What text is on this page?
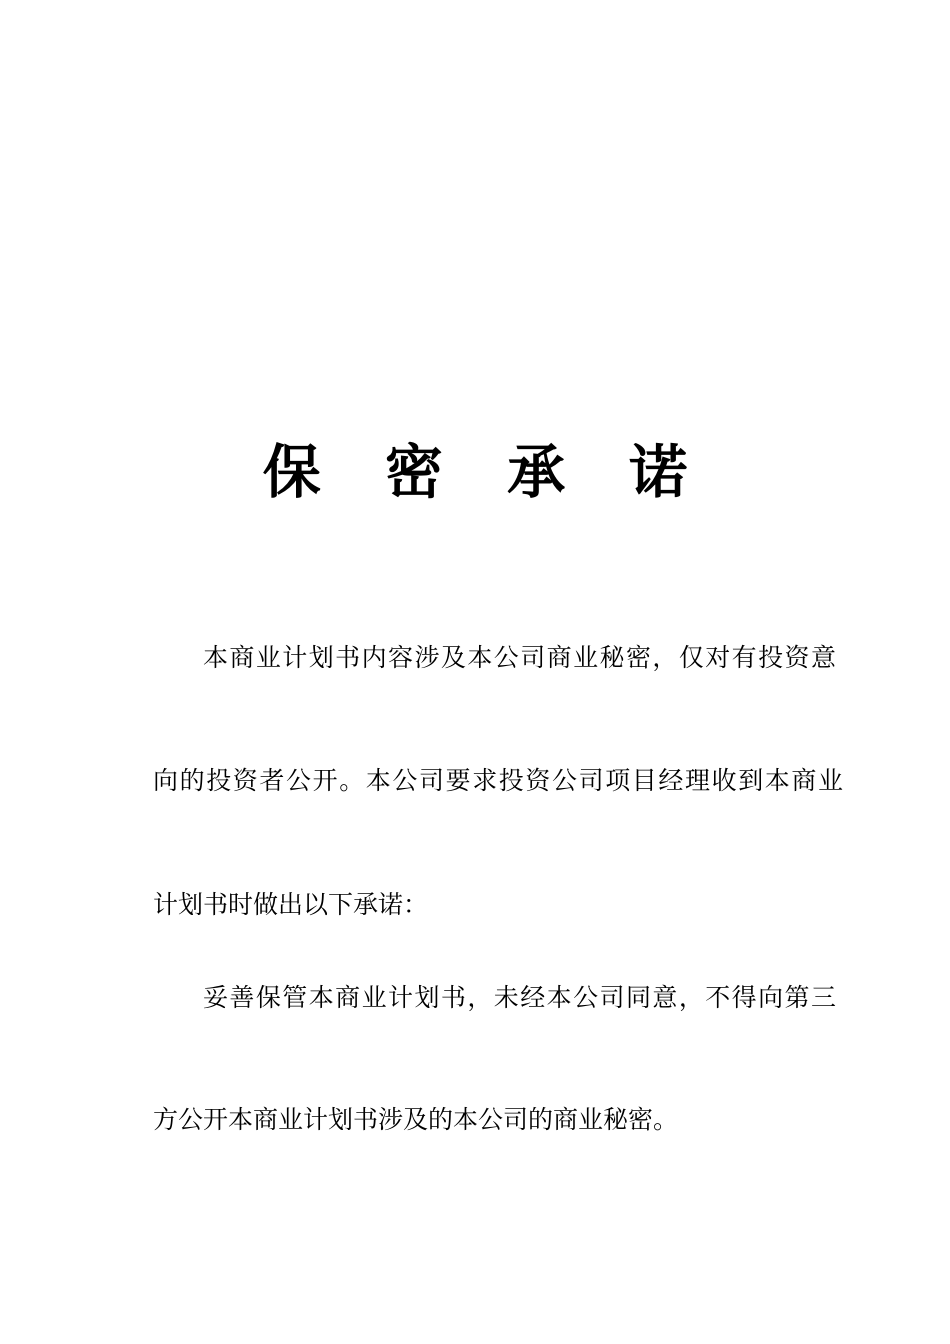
保 密 承 诺

本商业计划书内容涉及本公司商业秘密，仅对有投资意

向的投资者公开。本公司要求投资公司项目经理收到本商业

计划书时做出以下承诺：

妥善保管本商业计划书，未经本公司同意，不得向第三

方公开本商业计划书涉及的本公司的商业秘密。
